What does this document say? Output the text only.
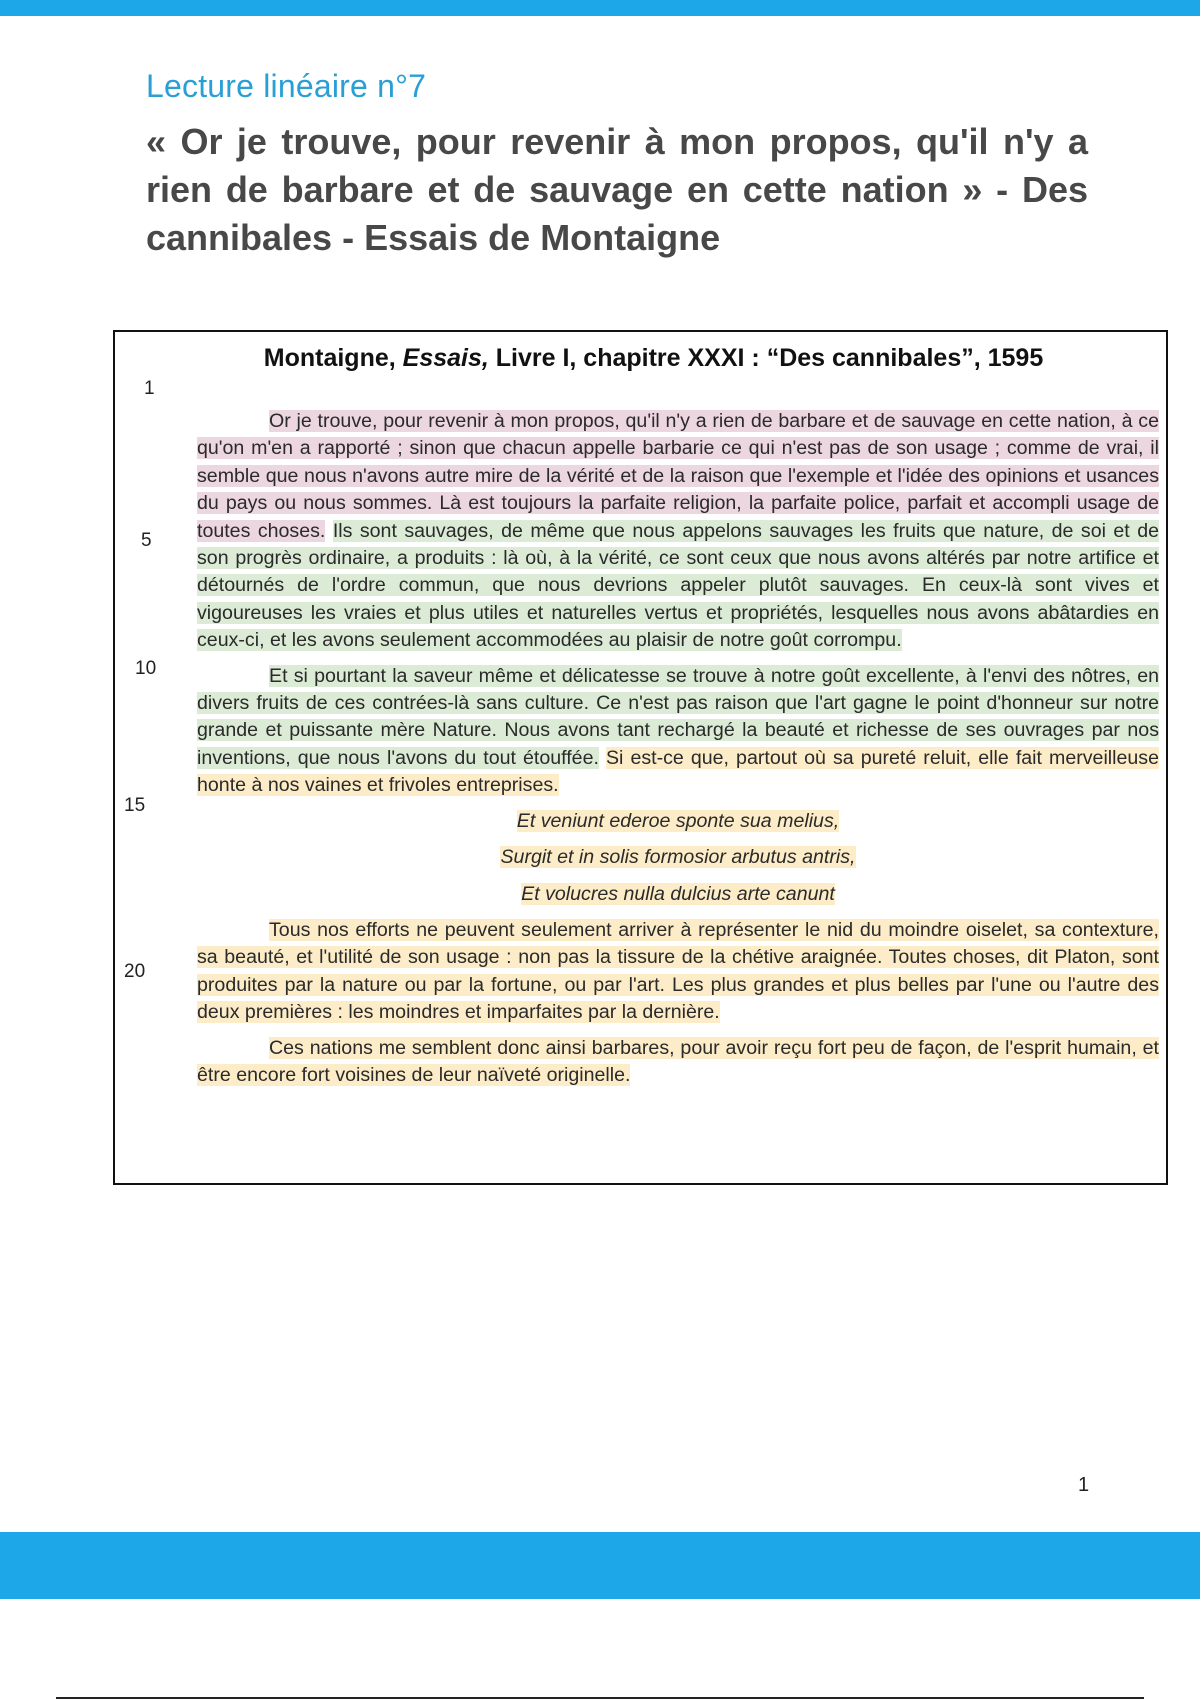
Lecture linéaire n°7
« Or je trouve, pour revenir à mon propos, qu'il n'y a rien de barbare et de sauvage en cette nation » - Des cannibales - Essais de Montaigne
Montaigne, Essais, Livre I, chapitre XXXI : “Des cannibales”, 1595
1
5
10
15
20

Or je trouve, pour revenir à mon propos, qu'il n'y a rien de barbare et de sauvage en cette nation, à ce qu'on m'en a rapporté ; sinon que chacun appelle barbarie ce qui n'est pas de son usage ; comme de vrai, il semble que nous n'avons autre mire de la vérité et de la raison que l'exemple et l'idée des opinions et usances du pays ou nous sommes. Là est toujours la parfaite religion, la parfaite police, parfait et accompli usage de toutes choses. Ils sont sauvages, de même que nous appelons sauvages les fruits que nature, de soi et de son progrès ordinaire, a produits : là où, à la vérité, ce sont ceux que nous avons altérés par notre artifice et détournés de l'ordre commun, que nous devrions appeler plutôt sauvages. En ceux-là sont vives et vigoureuses les vraies et plus utiles et naturelles vertus et propriétés, lesquelles nous avons abâtardies en ceux-ci, et les avons seulement accommodées au plaisir de notre goût corrompu.

Et si pourtant la saveur même et délicatesse se trouve à notre goût excellente, à l'envi des nôtres, en divers fruits de ces contrées-là sans culture. Ce n'est pas raison que l'art gagne le point d'honneur sur notre grande et puissante mère Nature. Nous avons tant rechargé la beauté et richesse de ses ouvrages par nos inventions, que nous l'avons du tout étouffée. Si est-ce que, partout où sa pureté reluit, elle fait merveilleuse honte à nos vaines et frivoles entreprises.

Et veniunt ederoe sponte sua melius,

Surgit et in solis formosior arbutus antris,

Et volucres nulla dulcius arte canunt

Tous nos efforts ne peuvent seulement arriver à représenter le nid du moindre oiselet, sa contexture, sa beauté, et l'utilité de son usage : non pas la tissure de la chétive araignée. Toutes choses, dit Platon, sont produites par la nature ou par la fortune, ou par l'art. Les plus grandes et plus belles par l'une ou l'autre des deux premières : les moindres et imparfaites par la dernière.

Ces nations me semblent donc ainsi barbares, pour avoir reçu fort peu de façon, de l'esprit humain, et être encore fort voisines de leur naïveté originelle.

1
